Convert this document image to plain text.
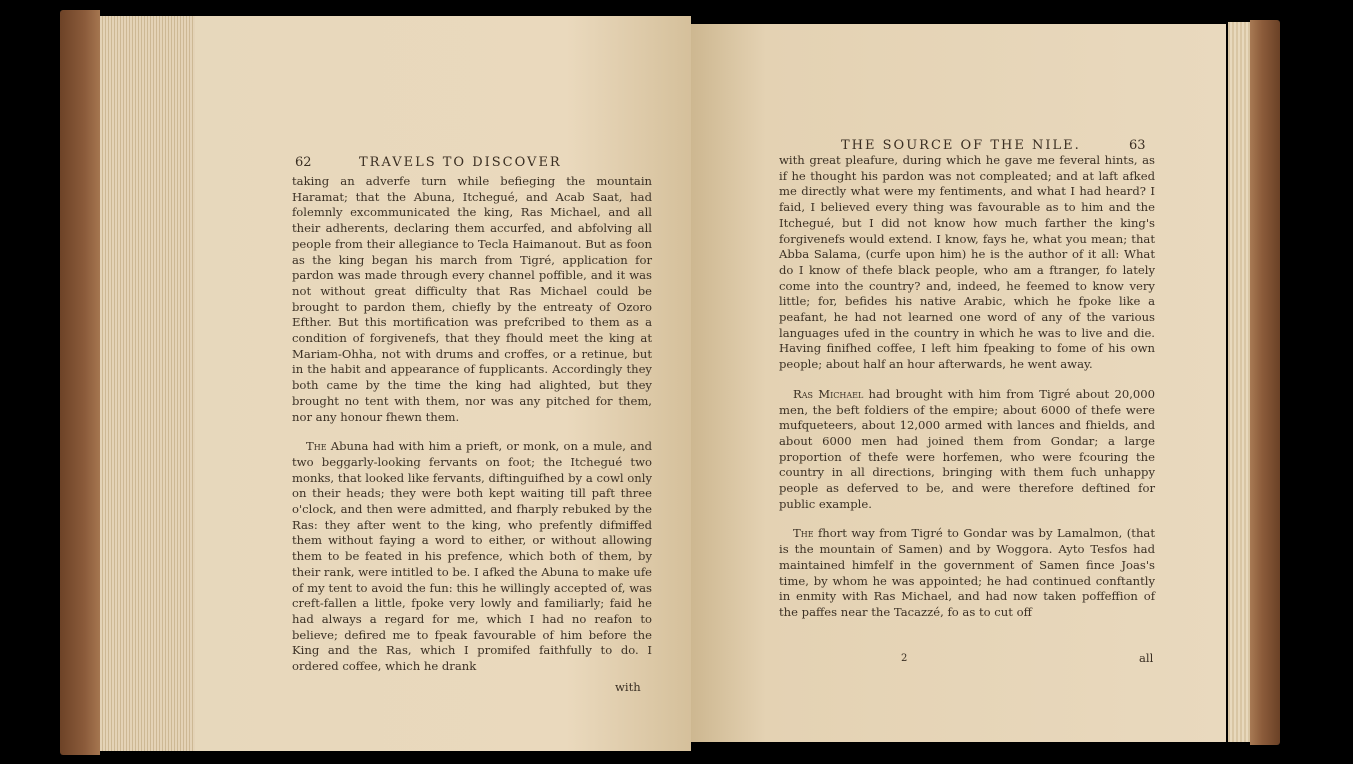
62	TRAVELS TO DISCOVER

taking an adverfe turn while befieging the mountain Haramat; that the Abuna, Itchegué, and Acab Saat, had folemnly excommunicated the king, Ras Michael, and all their adherents, declaring them accurfed, and abfolving all people from their allegiance to Tecla Haimanout. But as foon as the king began his march from Tigré, application for pardon was made through every channel poffible, and it was not without great difficulty that Ras Michael could be brought to pardon them, chiefly by the entreaty of Ozoro Efther. But this mortification was prefcribed to them as a condition of forgivenefs, that they fhould meet the king at Mariam-Ohha, not with drums and croffes, or a retinue, but in the habit and appearance of fupplicants. Accordingly they both came by the time the king had alighted, but they brought no tent with them, nor was any pitched for them, nor any honour fhewn them.

The Abuna had with him a prieft, or monk, on a mule, and two beggarly-looking fervants on foot; the Itchegué two monks, that looked like fervants, diftinguifhed by a cowl only on their heads; they were both kept waiting till paft three o'clock, and then were admitted, and fharply rebuked by the Ras: they after went to the king, who prefently difmiffed them without faying a word to either, or without allowing them to be feated in his prefence, which both of them, by their rank, were intitled to be. I afked the Abuna to make ufe of my tent to avoid the fun: this he willingly accepted of, was creft-fallen a little, fpoke very lowly and familiarly; faid he had always a regard for me, which I had no reafon to believe; defired me to fpeak favourable of him before the King and the Ras, which I promifed faithfully to do. I ordered coffee, which he drank

with
THE SOURCE OF THE NILE.	63

with great pleafure, during which he gave me feveral hints, as if he thought his pardon was not compleated; and at laft afked me directly what were my fentiments, and what I had heard? I faid, I believed every thing was favourable as to him and the Itchegué, but I did not know how much farther the king's forgivenefs would extend. I know, fays he, what you mean; that Abba Salama, (curfe upon him) he is the author of it all: What do I know of thefe black people, who am a ftranger, fo lately come into the country? and, indeed, he feemed to know very little; for, befides his native Arabic, which he fpoke like a peafant, he had not learned one word of any of the various languages ufed in the country in which he was to live and die. Having finifhed coffee, I left him fpeaking to fome of his own people; about half an hour afterwards, he went away.

Ras Michael had brought with him from Tigré about 20,000 men, the beft foldiers of the empire; about 6000 of thefe were mufqueteers, about 12,000 armed with lances and fhields, and about 6000 men had joined them from Gondar; a large proportion of thefe were horfemen, who were fcouring the country in all directions, bringing with them fuch unhappy people as deferved to be, and were therefore deftined for public example.

The fhort way from Tigré to Gondar was by Lamalmon, (that is the mountain of Samen) and by Woggora. Ayto Tesfos had maintained himfelf in the government of Samen fince Joas's time, by whom he was appointed; he had continued conftantly in enmity with Ras Michael, and had now taken poffeffion of the paffes near the Tacazzé, fo as to cut off

2	all
